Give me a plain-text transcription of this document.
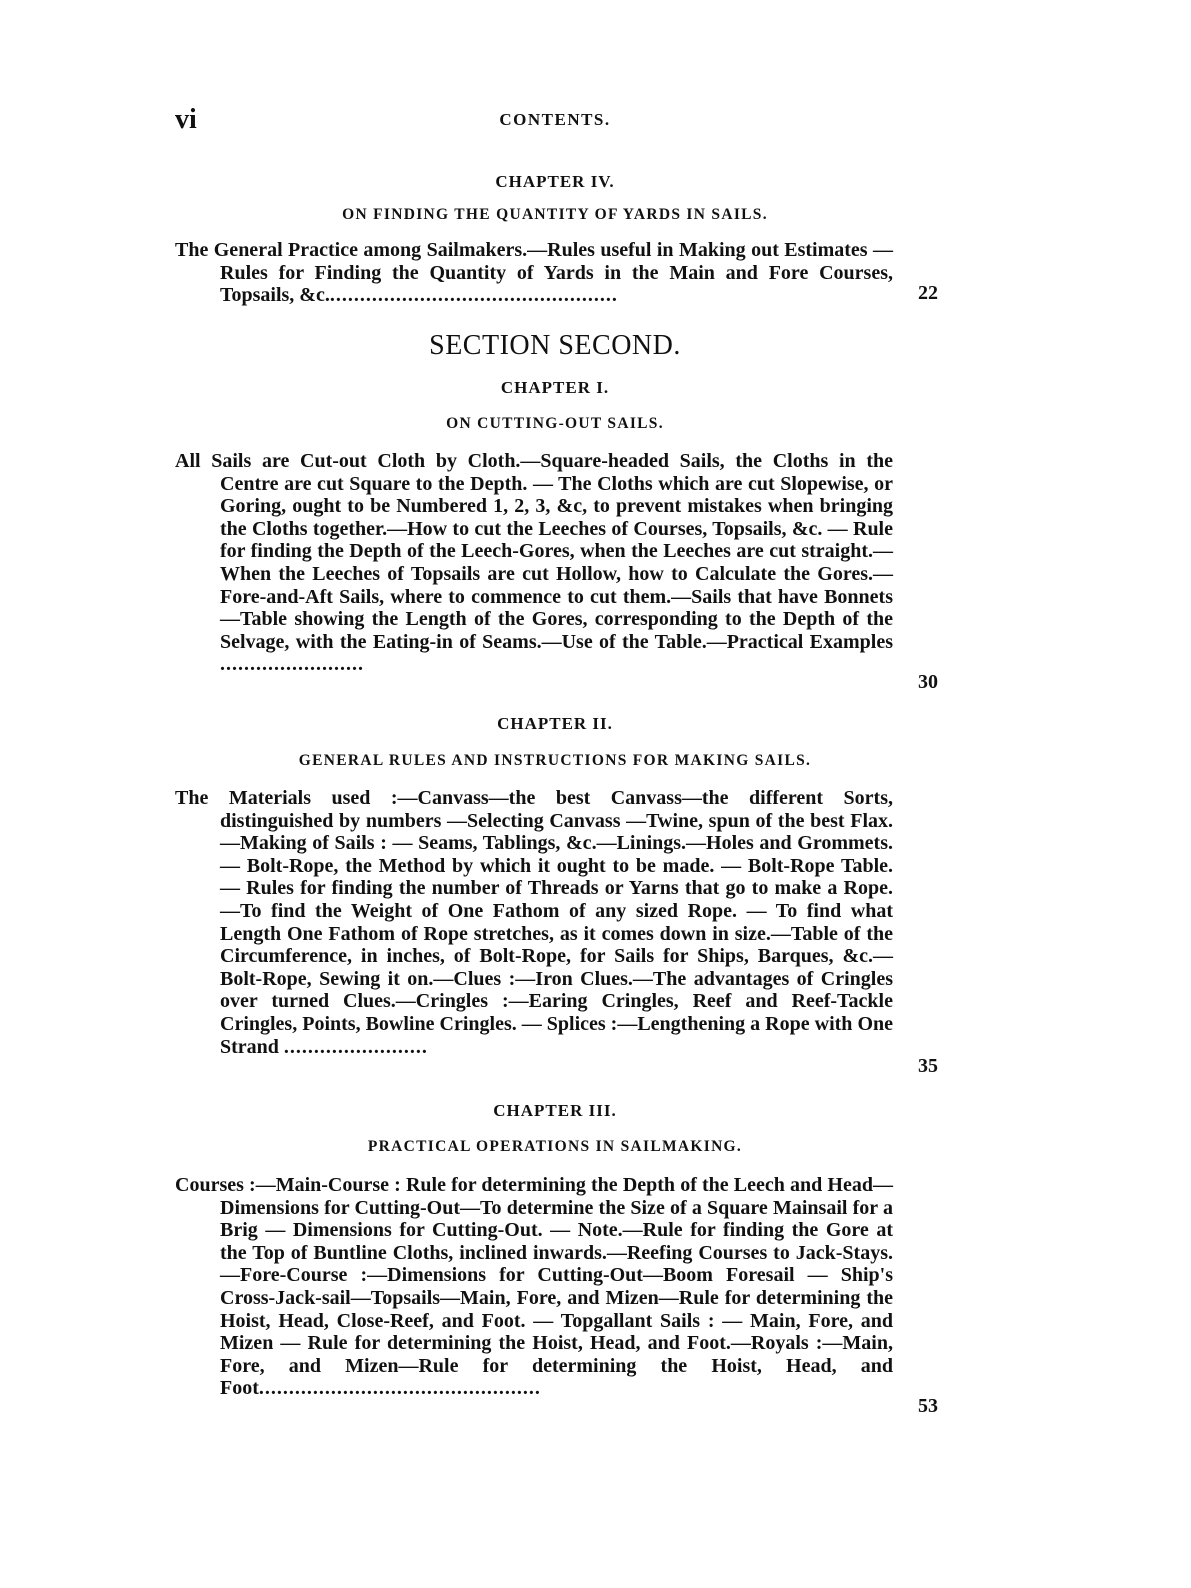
vi	CONTENTS.
CHAPTER IV.
ON FINDING THE QUANTITY OF YARDS IN SAILS.
The General Practice among Sailmakers.—Rules useful in Making out Estimates —Rules for Finding the Quantity of Yards in the Main and Fore Courses, Topsails, &c.................................................	22
SECTION SECOND.
CHAPTER I.
ON CUTTING-OUT SAILS.
All Sails are Cut-out Cloth by Cloth.—Square-headed Sails, the Cloths in the Centre are cut Square to the Depth. — The Cloths which are cut Slopewise, or Goring, ought to be Numbered 1, 2, 3, &c, to prevent mistakes when bringing the Cloths together.—How to cut the Leeches of Courses, Topsails, &c. — Rule for finding the Depth of the Leech-Gores, when the Leeches are cut straight.—When the Leeches of Topsails are cut Hollow, how to Calculate the Gores.—Fore-and-Aft Sails, where to commence to cut them.—Sails that have Bonnets —Table showing the Length of the Gores, corresponding to the Depth of the Selvage, with the Eating-in of Seams.—Use of the Table.—Practical Examples ........................
30
CHAPTER II.
GENERAL RULES AND INSTRUCTIONS FOR MAKING SAILS.
The Materials used :—Canvass—the best Canvass—the different Sorts, distinguished by numbers —Selecting Canvass —Twine, spun of the best Flax.—Making of Sails : — Seams, Tablings, &c.—Linings.—Holes and Grommets. — Bolt-Rope, the Method by which it ought to be made. — Bolt-Rope Table. — Rules for finding the number of Threads or Yarns that go to make a Rope.—To find the Weight of One Fathom of any sized Rope. — To find what Length One Fathom of Rope stretches, as it comes down in size.—Table of the Circumference, in inches, of Bolt-Rope, for Sails for Ships, Barques, &c.—Bolt-Rope, Sewing it on.—Clues :—Iron Clues.—The advantages of Cringles over turned Clues.—Cringles :—Earing Cringles, Reef and Reef-Tackle Cringles, Points, Bowline Cringles. — Splices :—Lengthening a Rope with One Strand ........................
35
CHAPTER III.
PRACTICAL OPERATIONS IN SAILMAKING.
Courses :—Main-Course : Rule for determining the Depth of the Leech and Head—Dimensions for Cutting-Out—To determine the Size of a Square Mainsail for a Brig — Dimensions for Cutting-Out. — Note.—Rule for finding the Gore at the Top of Buntline Cloths, inclined inwards.—Reefing Courses to Jack-Stays.—Fore-Course :—Dimensions for Cutting-Out—Boom Foresail — Ship's Cross-Jack-sail—Topsails—Main, Fore, and Mizen—Rule for determining the Hoist, Head, Close-Reef, and Foot. — Topgallant Sails : — Main, Fore, and Mizen — Rule for determining the Hoist, Head, and Foot.—Royals :—Main, Fore, and Mizen—Rule for determining the Hoist, Head, and Foot...............................................
53
